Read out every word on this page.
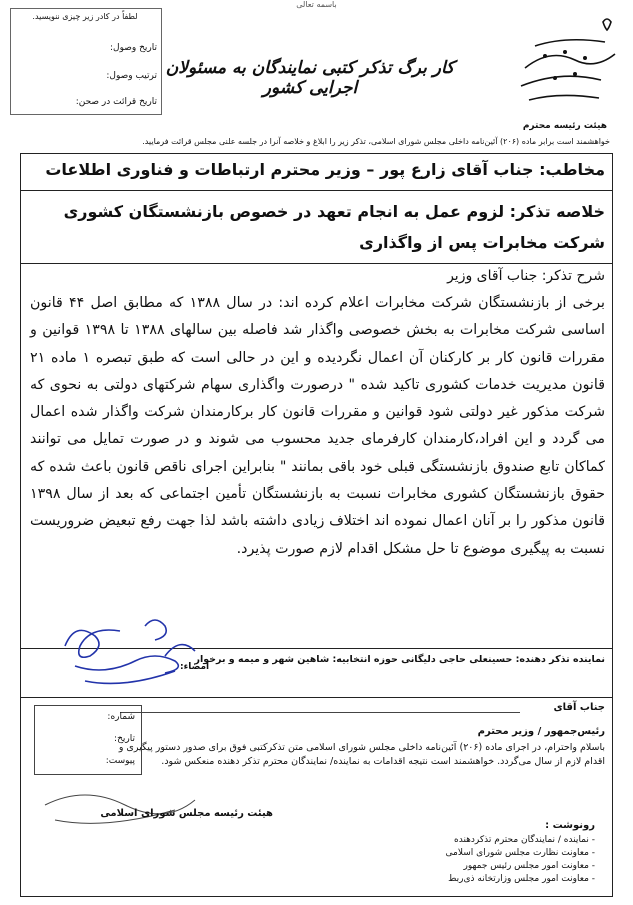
باسمه تعالی
لطفاً در کادر زیر چیزی ننویسید.
تاریخ وصول:
ترتیب وصول:
تاریخ قرائت در صحن:
کار برگ تذکر کتبی نمایندگان به مسئولان اجرایی کشور
هیئت رئیسه محترم
خواهشمند است برابر ماده (۲۰۶) آئین‌نامه داخلی مجلس شورای اسلامی، تذکر زیر را ابلاغ و خلاصه آنرا در جلسه علنی مجلس قرائت فرمایید.
مخاطب: جناب آقای زارع پور – وزیر محترم ارتباطات و فناوری اطلاعات
خلاصه تذکر: لزوم عمل به انجام تعهد در خصوص بازنشستگان کشوری شرکت مخابرات پس از واگذاری
شرح تذکر: جناب آقای وزیر
برخی از بازنشستگان شرکت مخابرات اعلام کرده اند: در سال ۱۳۸۸ که مطابق اصل ۴۴ قانون اساسی شرکت مخابرات به بخش خصوصی واگذار شد فاصله بین سالهای ۱۳۸۸ تا ۱۳۹۸ قوانین و مقررات قانون کار بر کارکنان آن اعمال نگردیده و این در حالی است که طبق تبصره ۱ ماده ۲۱ قانون مدیریت خدمات کشوری تاکید شده " درصورت واگذاری سهام شرکتهای دولتی به نحوی که شرکت مذکور غیر دولتی شود قوانین و مقررات قانون کار برکارمندان شرکت واگذار شده اعمال می گردد و این افراد،کارمندان کارفرمای جدید محسوب می شوند و در صورت تمایل می توانند کماکان تابع صندوق بازنشستگی قبلی خود باقی بمانند " بنابراین اجرای ناقص قانون باعث شده که حقوق بازنشستگان کشوری مخابرات نسبت به بازنشستگان تأمین اجتماعی که بعد از سال ۱۳۹۸ قانون مذکور را بر آنان اعمال نموده اند اختلاف زیادی داشته باشد لذا جهت رفع تبعیض ضروریست نسبت به پیگیری موضوع تا حل مشکل اقدام لازم صورت پذیرد.
امضاء:
نماینده تذکر دهنده: حسینعلی حاجی دلیگانی حوزه انتخابیه: شاهین شهر و میمه و برخوار
جناب آقای
رئیس‌جمهور / وزیر محترم
باسلام واحترام، در اجرای ماده (۲۰۶) آئین‌نامه داخلی مجلس شورای اسلامی متن تذکرکتبی فوق برای صدور دستور پیگیری و اقدام لازم از سال می‌گردد. خواهشمند است نتیجه اقدامات به نماینده/ نمایندگان محترم تذکر دهنده منعکس شود.
شماره:
تاریخ:
پیوست:
هیئت رئیسه مجلس شورای اسلامی
رونوشت :
- نماینده / نمایندگان محترم تذکردهنده
- معاونت نظارت مجلس شورای اسلامی
- معاونت امور مجلس رئیس جمهور
- معاونت امور مجلس وزارتخانه ذی‌ربط
